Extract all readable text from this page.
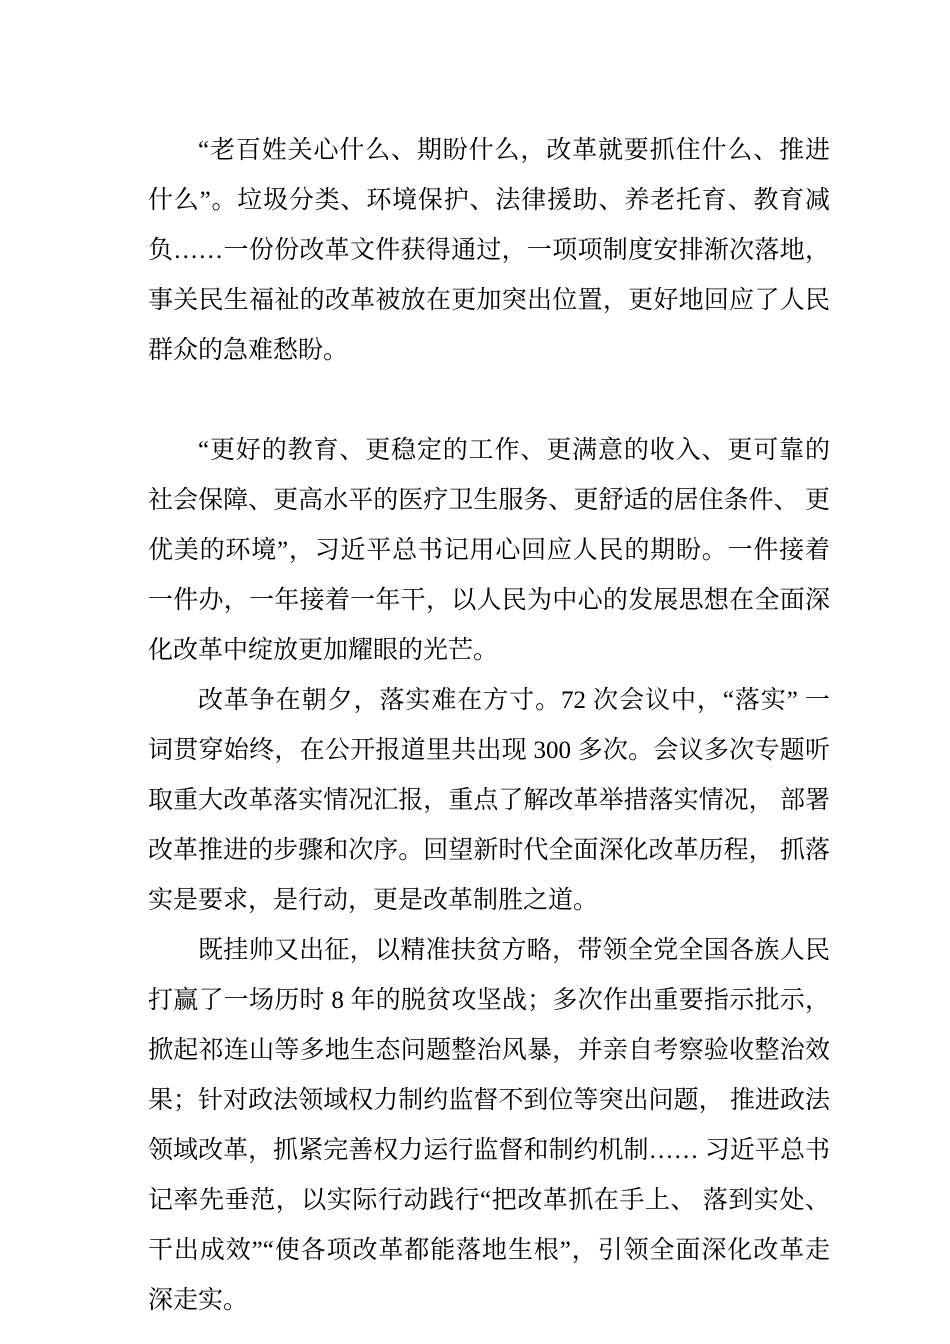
“老百姓关心什么、期盼什么，改革就要抓住什么、推进什么”。垃圾分类、环境保护、法律援助、养老托育、教育减负……一份份改革文件获得通过，一项项制度安排渐次落地， 事关民生福祉的改革被放在更加突出位置，更好地回应了人民群众的急难愁盼。

“更好的教育、更稳定的工作、更满意的收入、更可靠的社会保障、更高水平的医疗卫生服务、更舒适的居住条件、 更优美的环境”，习近平总书记用心回应人民的期盼。一件接着一件办，一年接着一年干，以人民为中心的发展思想在全面深化改革中绽放更加耀眼的光芒。

改革争在朝夕，落实难在方寸。72 次会议中，“落实” 一词贯穿始终，在公开报道里共出现 300 多次。会议多次专题听取重大改革落实情况汇报，重点了解改革举措落实情况， 部署改革推进的步骤和次序。回望新时代全面深化改革历程， 抓落实是要求，是行动，更是改革制胜之道。

既挂帅又出征，以精准扶贫方略，带领全党全国各族人民打赢了一场历时 8 年的脱贫攻坚战；多次作出重要指示批示，掀起祁连山等多地生态问题整治风暴，并亲自考察验收整治效果；针对政法领域权力制约监督不到位等突出问题， 推进政法领域改革，抓紧完善权力运行监督和制约机制…… 习近平总书记率先垂范，以实际行动践行“把改革抓在手上、 落到实处、干出成效”“使各项改革都能落地生根”，引领全面深化改革走深走实。
